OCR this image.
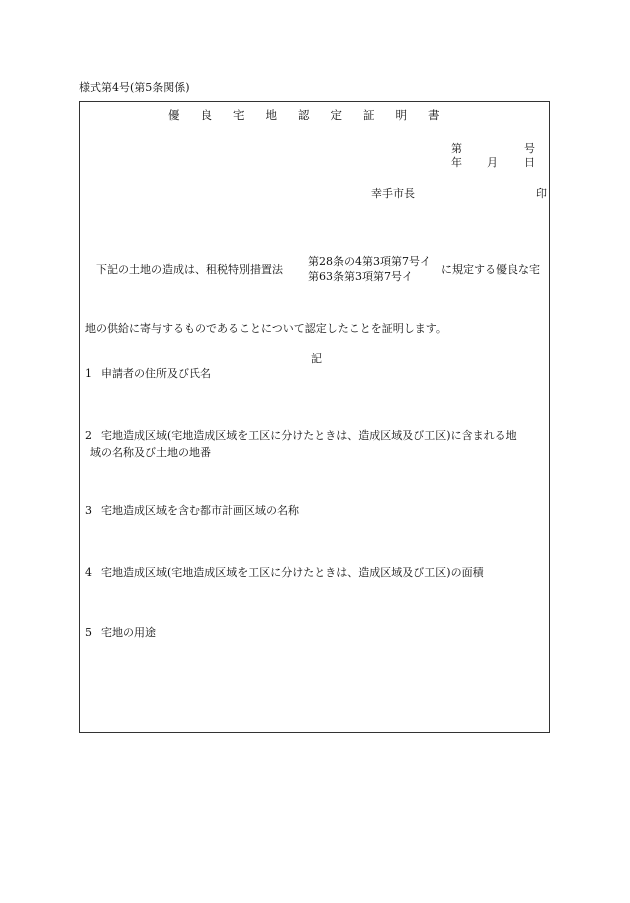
様式第4号(第5条関係)
優良宅地認定証明書
第	号
年 月 日
幸手市長	印
下記の土地の造成は、租税特別措置法
第28条の4第3項第7号イ
第63条第3項第7号イ
に規定する優良な宅
地の供給に寄与するものであることについて認定したことを証明します。
記
1 申請者の住所及び氏名
2 宅地造成区域(宅地造成区域を工区に分けたときは、造成区域及び工区)に含まれる地
域の名称及び土地の地番
3 宅地造成区域を含む都市計画区域の名称
4 宅地造成区域(宅地造成区域を工区に分けたときは、造成区域及び工区)の面積
5 宅地の用途
